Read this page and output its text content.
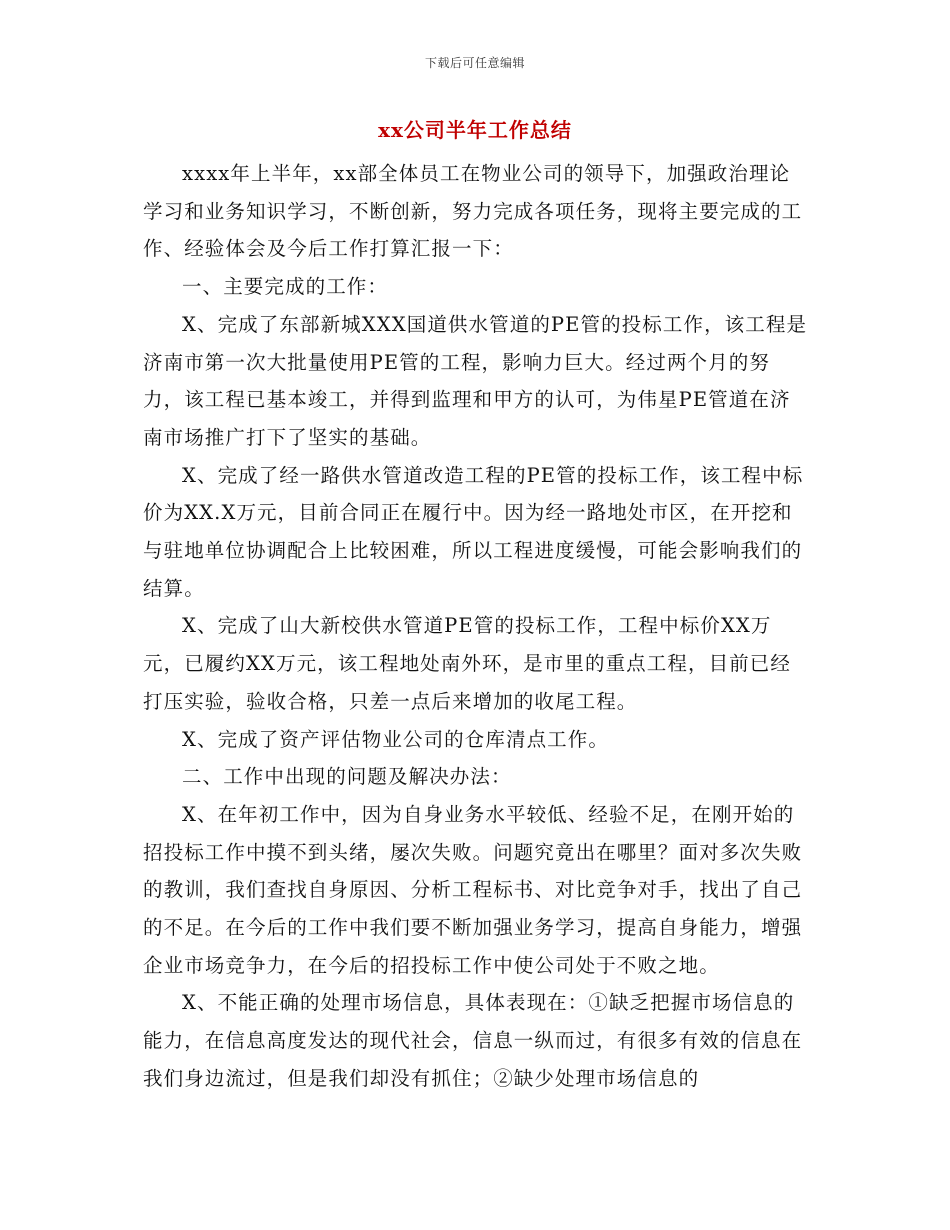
下载后可任意编辑
xx公司半年工作总结

xxxx年上半年，xx部全体员工在物业公司的领导下，加强政治理论学习和业务知识学习，不断创新，努力完成各项任务，现将主要完成的工作、经验体会及今后工作打算汇报一下：

一、主要完成的工作：

X、完成了东部新城XXX国道供水管道的PE管的投标工作，该工程是济南市第一次大批量使用PE管的工程，影响力巨大。经过两个月的努力，该工程已基本竣工，并得到监理和甲方的认可，为伟星PE管道在济南市场推广打下了坚实的基础。

X、完成了经一路供水管道改造工程的PE管的投标工作，该工程中标价为XX.X万元，目前合同正在履行中。因为经一路地处市区，在开挖和与驻地单位协调配合上比较困难，所以工程进度缓慢，可能会影响我们的结算。

X、完成了山大新校供水管道PE管的投标工作，工程中标价XX万元，已履约XX万元，该工程地处南外环，是市里的重点工程，目前已经打压实验，验收合格，只差一点后来增加的收尾工程。

X、完成了资产评估物业公司的仓库清点工作。

二、工作中出现的问题及解决办法：

X、在年初工作中，因为自身业务水平较低、经验不足，在刚开始的招投标工作中摸不到头绪，屡次失败。问题究竟出在哪里？面对多次失败的教训，我们查找自身原因、分析工程标书、对比竞争对手，找出了自己的不足。在今后的工作中我们要不断加强业务学习，提高自身能力，增强企业市场竞争力，在今后的招投标工作中使公司处于不败之地。

X、不能正确的处理市场信息，具体表现在：①缺乏把握市场信息的能力，在信息高度发达的现代社会，信息一纵而过，有很多有效的信息在我们身边流过，但是我们却没有抓住；②缺少处理市场信息的
